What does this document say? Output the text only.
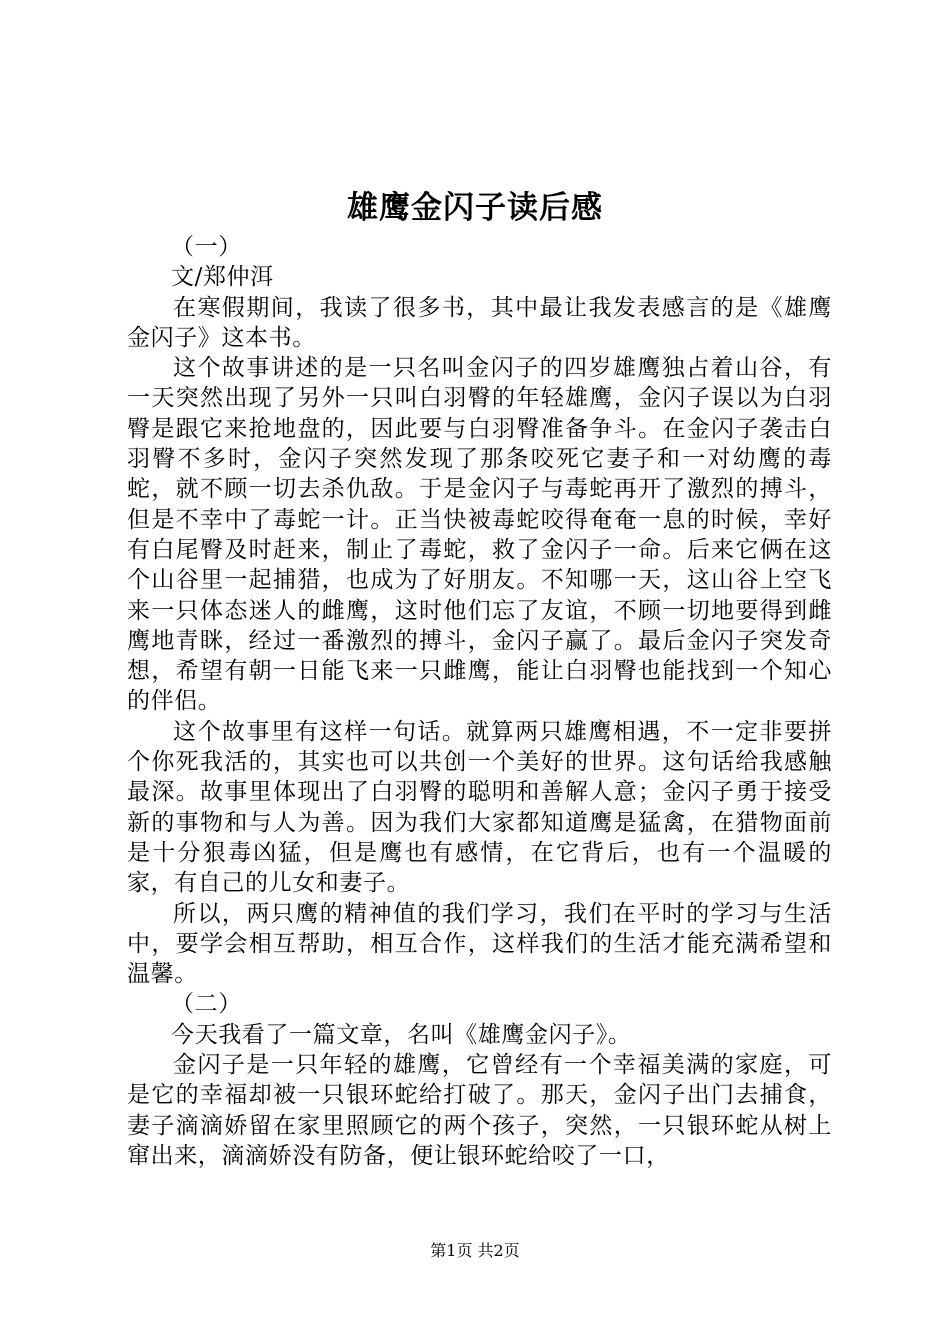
雄鹰金闪子读后感

（一）

文/郑仲洱

在寒假期间，我读了很多书，其中最让我发表感言的是《雄鹰金闪子》这本书。

这个故事讲述的是一只名叫金闪子的四岁雄鹰独占着山谷，有一天突然出现了另外一只叫白羽臀的年轻雄鹰，金闪子误以为白羽臀是跟它来抢地盘的，因此要与白羽臀准备争斗。在金闪子袭击白羽臀不多时，金闪子突然发现了那条咬死它妻子和一对幼鹰的毒蛇，就不顾一切去杀仇敌。于是金闪子与毒蛇再开了激烈的搏斗，但是不幸中了毒蛇一计。正当快被毒蛇咬得奄奄一息的时候，幸好有白尾臀及时赶来，制止了毒蛇，救了金闪子一命。后来它俩在这个山谷里一起捕猎，也成为了好朋友。不知哪一天，这山谷上空飞来一只体态迷人的雌鹰，这时他们忘了友谊，不顾一切地要得到雌鹰地青眯，经过一番激烈的搏斗，金闪子赢了。最后金闪子突发奇想，希望有朝一日能飞来一只雌鹰，能让白羽臀也能找到一个知心的伴侣。

这个故事里有这样一句话。就算两只雄鹰相遇，不一定非要拼个你死我活的，其实也可以共创一个美好的世界。这句话给我感触最深。故事里体现出了白羽臀的聪明和善解人意；金闪子勇于接受新的事物和与人为善。因为我们大家都知道鹰是猛禽，在猎物面前是十分狠毒凶猛，但是鹰也有感情，在它背后，也有一个温暖的家，有自己的儿女和妻子。

所以，两只鹰的精神值的我们学习，我们在平时的学习与生活中，要学会相互帮助，相互合作，这样我们的生活才能充满希望和温馨。

（二）

今天我看了一篇文章，名叫《雄鹰金闪子》。

金闪子是一只年轻的雄鹰，它曾经有一个幸福美满的家庭，可是它的幸福却被一只银环蛇给打破了。那天，金闪子出门去捕食，妻子滴滴娇留在家里照顾它的两个孩子，突然，一只银环蛇从树上窜出来，滴滴娇没有防备，便让银环蛇给咬了一口，

第1页 共2页
